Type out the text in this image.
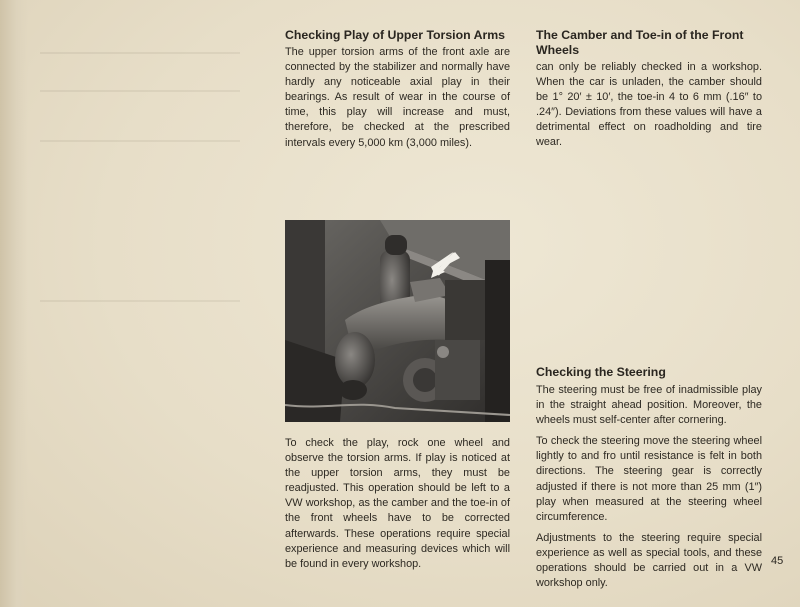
Checking Play of Upper Torsion Arms

The upper torsion arms of the front axle are connected by the stabilizer and normally have hardly any noticeable axial play in their bearings. As result of wear in the course of time, this play will increase and must, therefore, be checked at the prescribed intervals every 5,000 km (3,000 miles).

To check the play, rock one wheel and observe the torsion arms. If play is noticed at the upper torsion arms, they must be readjusted. This operation should be left to a VW workshop, as the camber and the toe-in of the front wheels have to be corrected afterwards. These operations require special experience and measuring devices which will be found in every workshop.

The Camber and Toe-in of the Front Wheels

can only be reliably checked in a workshop. When the car is unladen, the camber should be 1° 20′ ± 10′, the toe-in 4 to 6 mm (.16″ to .24″). Deviations from these values will have a detrimental effect on roadholding and tire wear.

Checking the Steering

The steering must be free of inadmissible play in the straight ahead position. Moreover, the wheels must self-center after cornering.

To check the steering move the steering wheel lightly to and fro until resistance is felt in both directions. The steering gear is correctly adjusted if there is not more than 25 mm (1″) play when measured at the steering wheel circumference.

Adjustments to the steering require special experience as well as special tools, and these operations should be carried out in a VW workshop only.

45
